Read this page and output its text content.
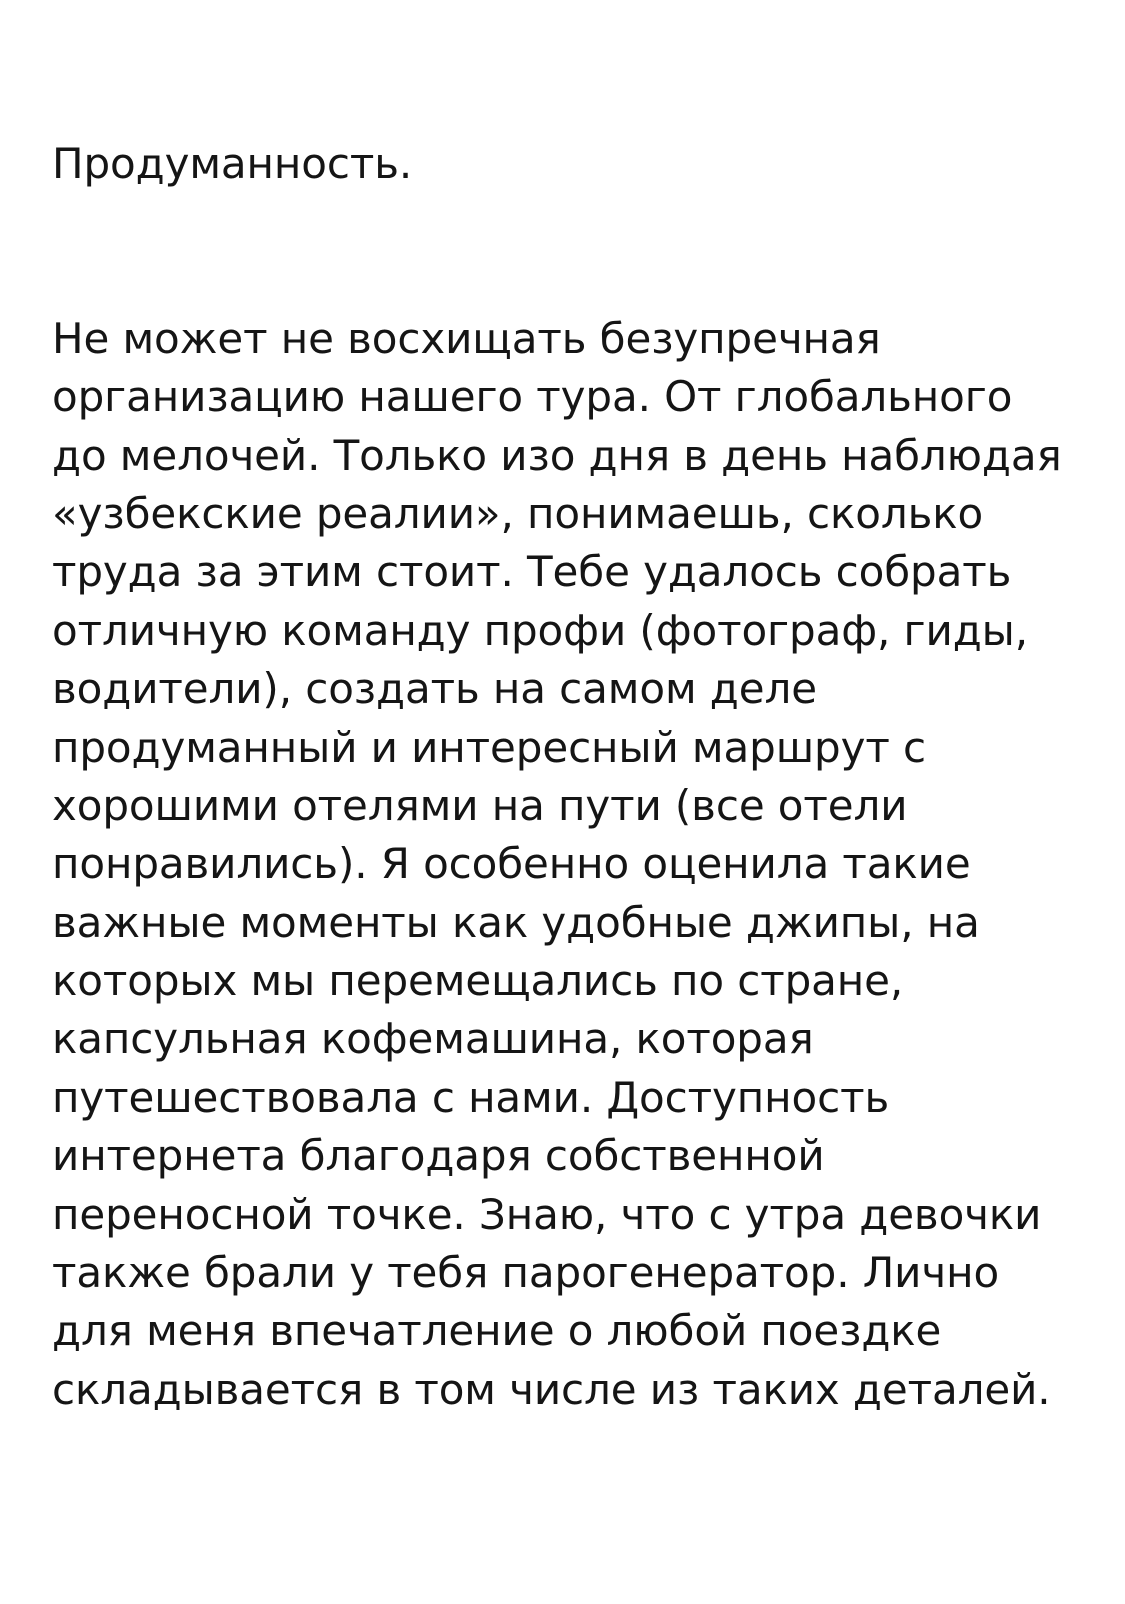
Продуманность.

Не может не восхищать безупречная организацию нашего тура. От глобального до мелочей. Только изо дня в день наблюдая «узбекские реалии», понимаешь, сколько труда за этим стоит. Тебе удалось собрать отличную команду профи (фотограф, гиды, водители), создать на самом деле продуманный и интересный маршрут с хорошими отелями на пути (все отели понравились). Я особенно оценила такие важные моменты как удобные джипы, на которых мы перемещались по стране, капсульная кофемашина, которая путешествовала с нами. Доступность интернета благодаря собственной переносной точке. Знаю, что с утра девочки также брали у тебя парогенератор. Лично для меня впечатление о любой поездке складывается в том числе из таких деталей.
